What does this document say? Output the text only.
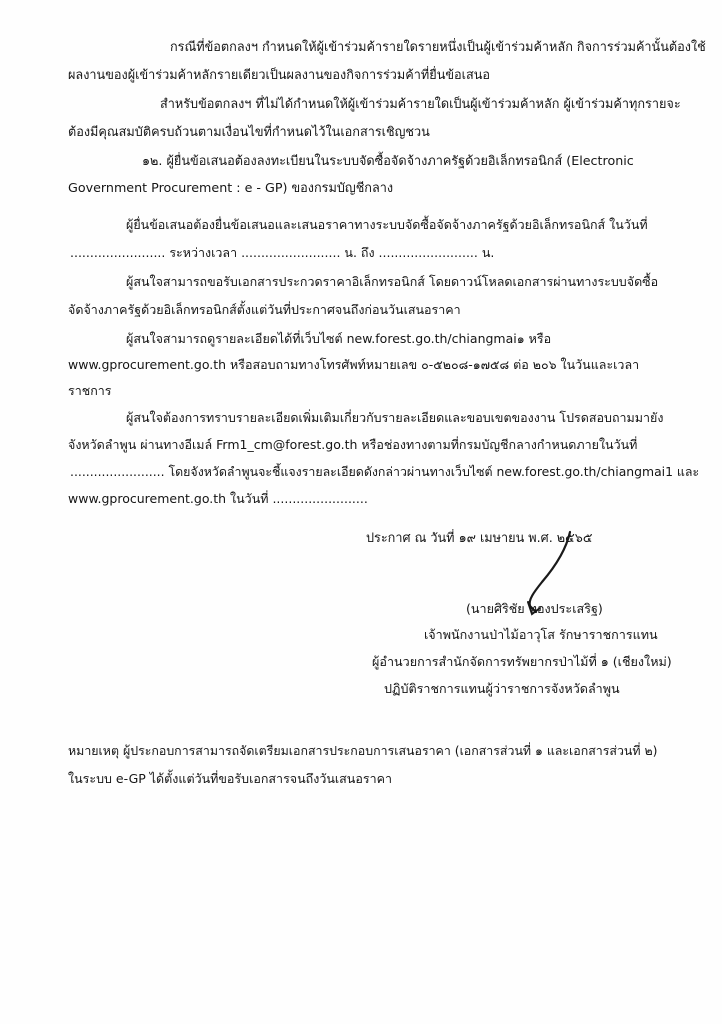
กรณีที่ข้อตกลงฯ กำหนดให้ผู้เข้าร่วมค้ารายใดรายหนึ่งเป็นผู้เข้าร่วมค้าหลัก กิจการร่วมค้านั้นต้องใช้
ผลงานของผู้เข้าร่วมค้าหลักรายเดียวเป็นผลงานของกิจการร่วมค้าที่ยื่นข้อเสนอ
สำหรับข้อตกลงฯ ที่ไม่ได้กำหนดให้ผู้เข้าร่วมค้ารายใดเป็นผู้เข้าร่วมค้าหลัก ผู้เข้าร่วมค้าทุกรายจะ
ต้องมีคุณสมบัติครบถ้วนตามเงื่อนไขที่กำหนดไว้ในเอกสารเชิญชวน
๑๒. ผู้ยื่นข้อเสนอต้องลงทะเบียนในระบบจัดซื้อจัดจ้างภาครัฐด้วยอิเล็กทรอนิกส์ (Electronic
Government Procurement : e - GP) ของกรมบัญชีกลาง
ผู้ยื่นข้อเสนอต้องยื่นข้อเสนอและเสนอราคาทางระบบจัดซื้อจัดจ้างภาครัฐด้วยอิเล็กทรอนิกส์ ในวันที่
........................ ระหว่างเวลา ......................... น. ถึง ......................... น.
ผู้สนใจสามารถขอรับเอกสารประกวดราคาอิเล็กทรอนิกส์ โดยดาวน์โหลดเอกสารผ่านทางระบบจัดซื้อ
จัดจ้างภาครัฐด้วยอิเล็กทรอนิกส์ตั้งแต่วันที่ประกาศจนถึงก่อนวันเสนอราคา
ผู้สนใจสามารถดูรายละเอียดได้ที่เว็บไซต์ new.forest.go.th/chiangmai๑ หรือ
www.gprocurement.go.th หรือสอบถามทางโทรศัพท์หมายเลข ๐-๕๒๐๘-๑๗๕๘ ต่อ ๒๐๖ ในวันและเวลา
ราชการ
ผู้สนใจต้องการทราบรายละเอียดเพิ่มเติมเกี่ยวกับรายละเอียดและขอบเขตของงาน โปรดสอบถามมายัง
จังหวัดลำพูน ผ่านทางอีเมล์ Frm1_cm@forest.go.th หรือช่องทางตามที่กรมบัญชีกลางกำหนดภายในวันที่
........................ โดยจังหวัดลำพูนจะชี้แจงรายละเอียดดังกล่าวผ่านทางเว็บไซต์ new.forest.go.th/chiangmai1 และ
www.gprocurement.go.th ในวันที่ ........................
ประกาศ ณ วันที่ ๑๙ เมษายน พ.ศ. ๒๕๖๕
(นายศิริชัย ทองประเสริฐ)
เจ้าพนักงานป่าไม้อาวุโส รักษาราชการแทน
ผู้อำนวยการสำนักจัดการทรัพยากรป่าไม้ที่ ๑ (เชียงใหม่)
ปฏิบัติราชการแทนผู้ว่าราชการจังหวัดลำพูน
หมายเหตุ ผู้ประกอบการสามารถจัดเตรียมเอกสารประกอบการเสนอราคา (เอกสารส่วนที่ ๑ และเอกสารส่วนที่ ๒)
ในระบบ e-GP ได้ตั้งแต่วันที่ขอรับเอกสารจนถึงวันเสนอราคา
